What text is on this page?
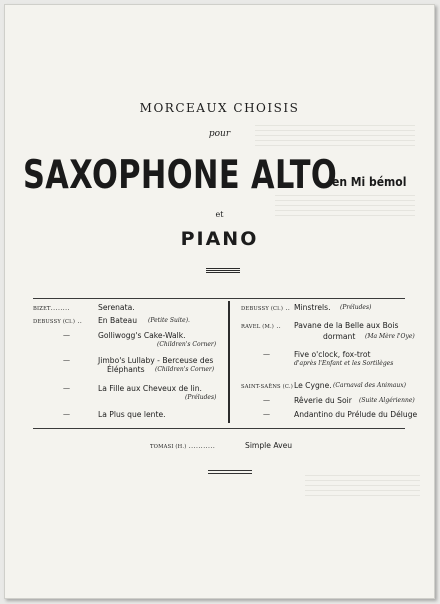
MORCEAUX CHOISIS
pour
SAXOPHONE ALTO
en Mi bémol
et
PIANO
BIZET........	Serenata.
DEBUSSY (Cl.) .. En Bateau (Petite Suite).
—	Golliwogg's Cake-Walk.
(Children's Corner)
—	Jimbo's Lullaby - Berceuse des
Éléphants (Children's Corner)
—	La Fille aux Cheveux de lin.
(Préludes)
—	La Plus que lente.
DEBUSSY (Cl.) .. Minstrels. (Préludes)
RAVEL (M.) .. Pavane de la Belle aux Bois
dormant (Ma Mère l'Oye)
—	Five o'clock, fox-trot
d'après l'Enfant et les Sortilèges
SAINT-SAËNS (C.) Le Cygne. (Carnaval des Animaux)
—	Rêverie du Soir (Suite Algérienne)
—	Andantino du Prélude du Déluge
TOMASI (H.) ...........	Simple Aveu
